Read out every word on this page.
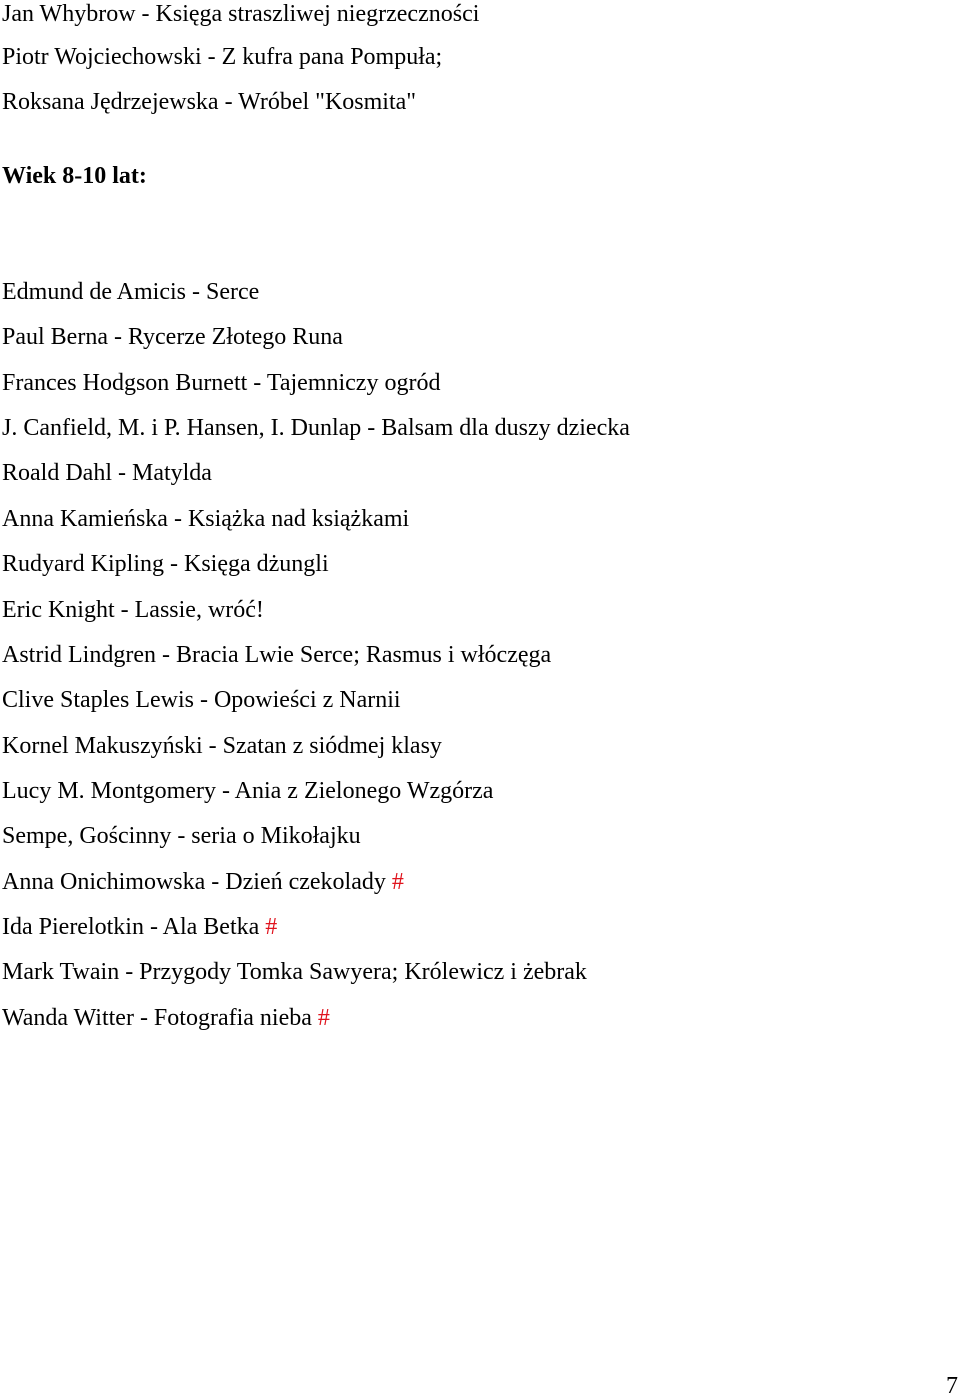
Jan Whybrow - Księga straszliwej niegrzeczności
Piotr Wojciechowski - Z kufra pana Pompuła;
Roksana Jędrzejewska - Wróbel "Kosmita"
Wiek 8-10 lat:
Edmund de Amicis - Serce
Paul Berna - Rycerze Złotego Runa
Frances Hodgson Burnett - Tajemniczy ogród
J. Canfield, M. i P. Hansen, I. Dunlap - Balsam dla duszy dziecka
Roald Dahl - Matylda
Anna Kamieńska - Książka nad książkami
Rudyard Kipling - Księga dżungli
Eric Knight - Lassie, wróć!
Astrid Lindgren - Bracia Lwie Serce; Rasmus i włóczęga
Clive Staples Lewis - Opowieści z Narnii
Kornel Makuszyński - Szatan z siódmej klasy
Lucy M. Montgomery - Ania z Zielonego Wzgórza
Sempe, Gościnny - seria o Mikołajku
Anna Onichimowska - Dzień czekolady #
Ida Pierelotkin - Ala Betka #
Mark Twain - Przygody Tomka Sawyera; Królewicz i żebrak
Wanda Witter - Fotografia nieba #
7
